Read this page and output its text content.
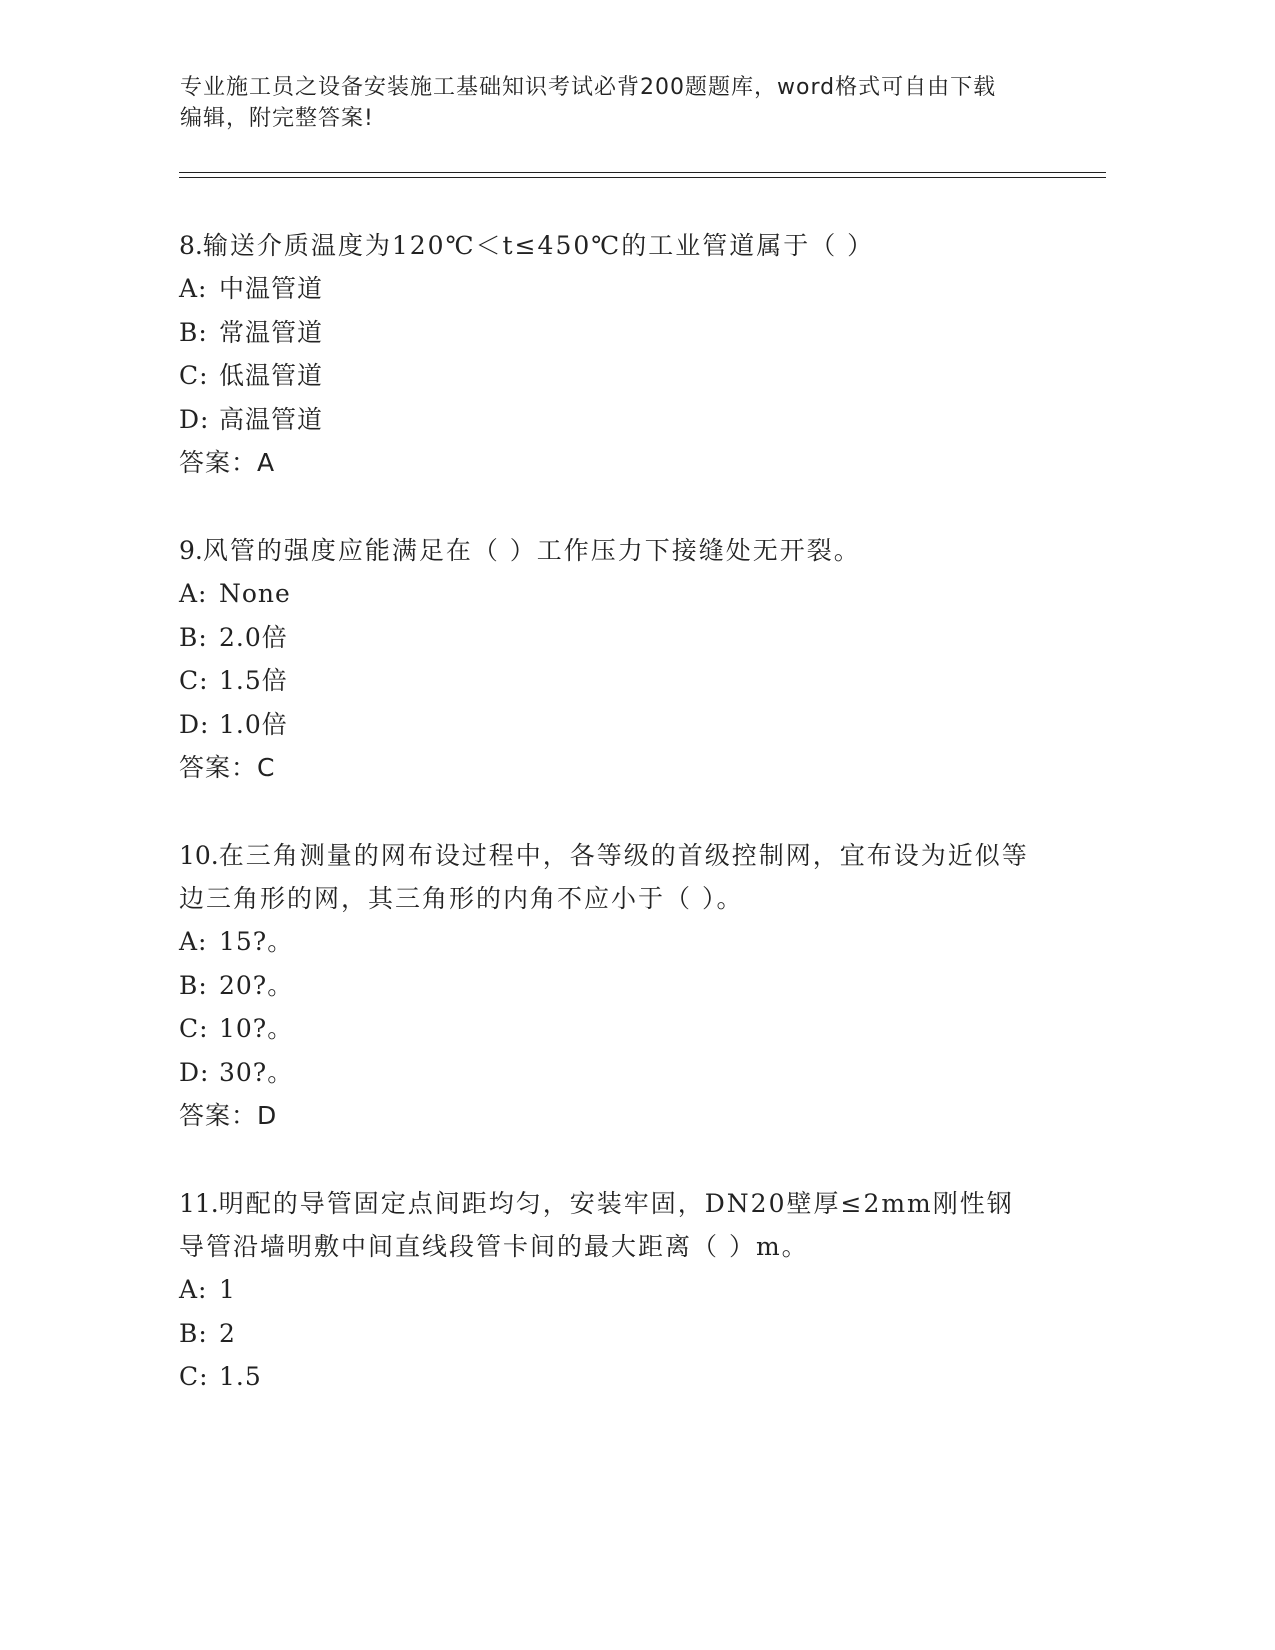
专业施工员之设备安装施工基础知识考试必背200题题库，word格式可自由下载
编辑，附完整答案!
8.输送介质温度为120℃＜t≤450℃的工业管道属于（ ）
A: 中温管道
B: 常温管道
C: 低温管道
D: 高温管道
答案：A
9.风管的强度应能满足在（ ）工作压力下接缝处无开裂。
A: None
B: 2.0倍
C: 1.5倍
D: 1.0倍
答案：C
10.在三角测量的网布设过程中，各等级的首级控制网，宜布设为近似等边三角形的网，其三角形的内角不应小于（ ）。
A: 15?。
B: 20?。
C: 10?。
D: 30?。
答案：D
11.明配的导管固定点间距均匀，安装牢固，DN20壁厚≤2mm刚性钢导管沿墙明敷中间直线段管卡间的最大距离（ ）m。
A: 1
B: 2
C: 1.5
